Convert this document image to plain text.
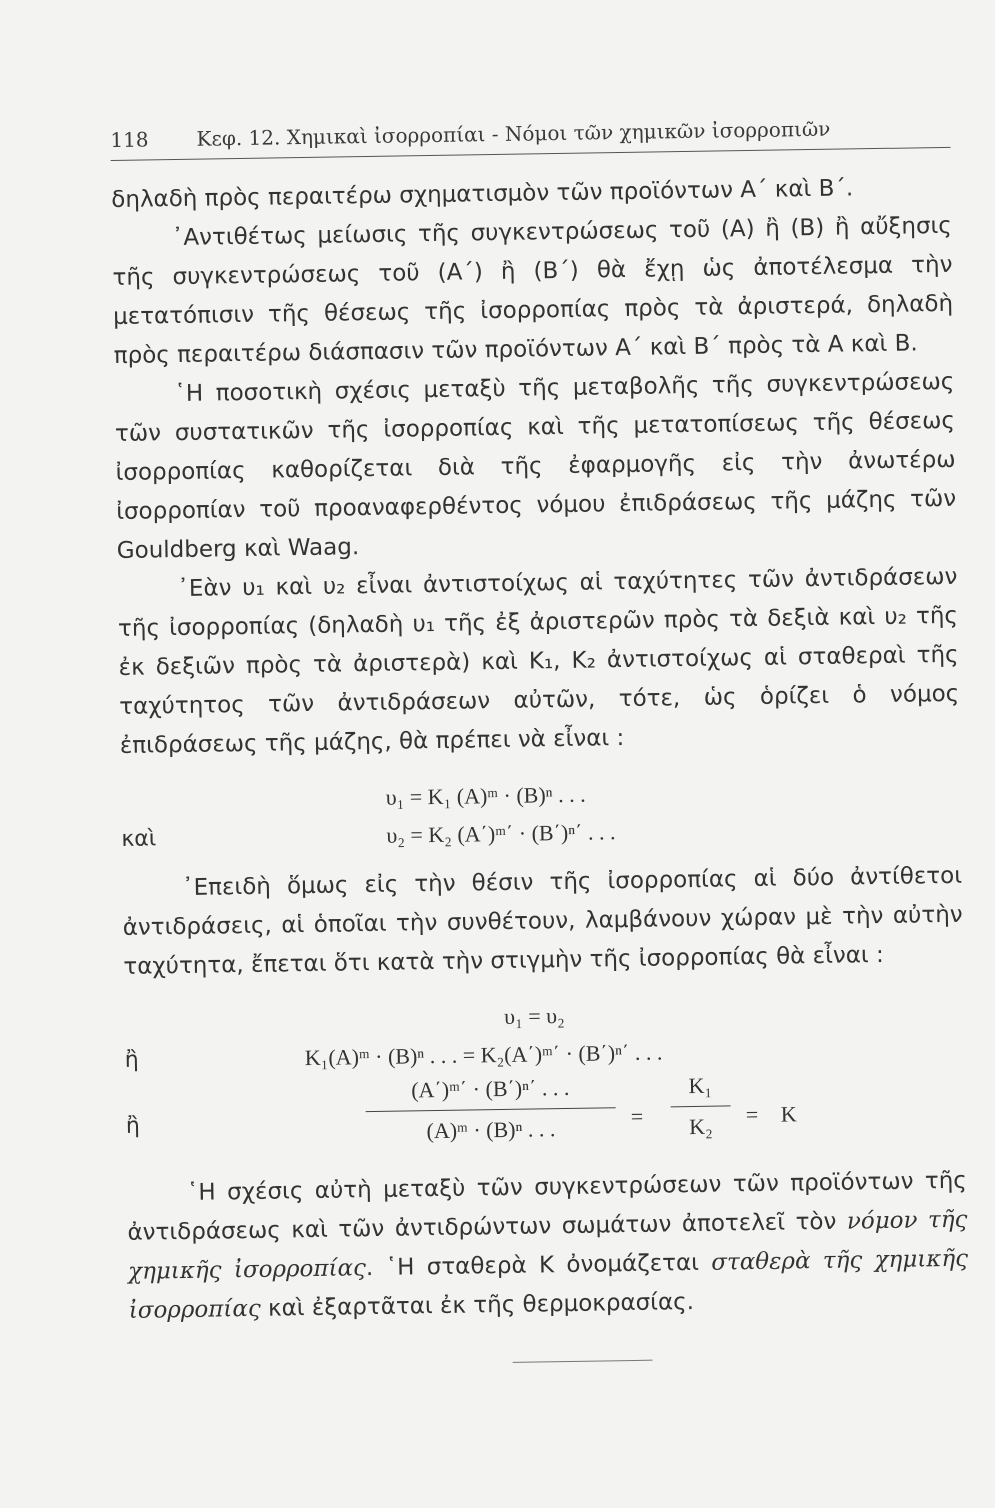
118 Κεφ. 12. Χημικαὶ ἰσορροπίαι - Νόμοι τῶν χημικῶν ἰσορροπιῶν

δηλαδὴ πρὸς περαιτέρω σχηματισμὸν τῶν προϊόντων Α΄ καὶ Β΄.

᾿Αντιθέτως μείωσις τῆς συγκεντρώσεως τοῦ (Α) ἢ (Β) ἢ αὔξησις τῆς συγκεντρώσεως τοῦ (Α΄) ἢ (Β΄) θὰ ἔχῃ ὡς ἀποτέλεσμα τὴν μετατόπισιν τῆς θέσεως τῆς ἰσορροπίας πρὸς τὰ ἀριστερά, δηλαδὴ πρὸς περαιτέρω διάσπασιν τῶν προϊόντων Α΄ καὶ Β΄ πρὸς τὰ Α καὶ Β.

῾Η ποσοτικὴ σχέσις μεταξὺ τῆς μεταβολῆς τῆς συγκεντρώσεως τῶν συστατικῶν τῆς ἰσορροπίας καὶ τῆς μετατοπίσεως τῆς θέσεως ἰσορροπίας καθορίζεται διὰ τῆς ἐφαρμογῆς εἰς τὴν ἀνωτέρω ἰσορροπίαν τοῦ προαναφερθέντος νόμου ἐπιδράσεως τῆς μάζης τῶν Gouldberg καὶ Waag.

᾿Εὰν υ₁ καὶ υ₂ εἶναι ἀντιστοίχως αἱ ταχύτητες τῶν ἀντιδράσεων τῆς ἰσορροπίας (δηλαδὴ υ₁ τῆς ἐξ ἀριστερῶν πρὸς τὰ δεξιὰ καὶ υ₂ τῆς ἐκ δεξιῶν πρὸς τὰ ἀριστερὰ) καὶ Κ₁, Κ₂ ἀντιστοίχως αἱ σταθεραὶ τῆς ταχύτητος τῶν ἀντιδράσεων αὐτῶν, τότε, ὡς ὁρίζει ὁ νόμος ἐπιδράσεως τῆς μάζης, θὰ πρέπει νὰ εἶναι :

υ₁ = Κ₁ (Α)ᵐ · (Β)ⁿ . . .
καὶ	υ₂ = Κ₂ (Α΄)ᵐ΄ · (Β΄)ⁿ΄ . . .

᾿Επειδὴ ὅμως εἰς τὴν θέσιν τῆς ἰσορροπίας αἱ δύο ἀντίθετοι ἀντιδράσεις, αἱ ὁποῖαι τὴν συνθέτουν, λαμβάνουν χώραν μὲ τὴν αὐτὴν ταχύτητα, ἔπεται ὅτι κατὰ τὴν στιγμὴν τῆς ἰσορροπίας θὰ εἶναι :

υ₁ = υ₂
ἢ	Κ₁(Α)ᵐ · (Β)ⁿ . . . = Κ₂(Α΄)ᵐ΄ · (Β΄)ⁿ΄ . . .
ἢ
(Α΄)ᵐ΄ · (Β΄)ⁿ΄ . . .
(Α)ᵐ · (Β)ⁿ . . .	=
Κ₁
Κ₂	= Κ

῾Η σχέσις αὐτὴ μεταξὺ τῶν συγκεντρώσεων τῶν προϊόντων τῆς ἀντιδράσεως καὶ τῶν ἀντιδρώντων σωμάτων ἀποτελεῖ τὸν νόμον τῆς χημικῆς ἰσορροπίας. ῾Η σταθερὰ Κ ὀνομάζεται σταθερὰ τῆς χημικῆς ἰσορροπίας καὶ ἐξαρτᾶται ἐκ τῆς θερμοκρασίας.
